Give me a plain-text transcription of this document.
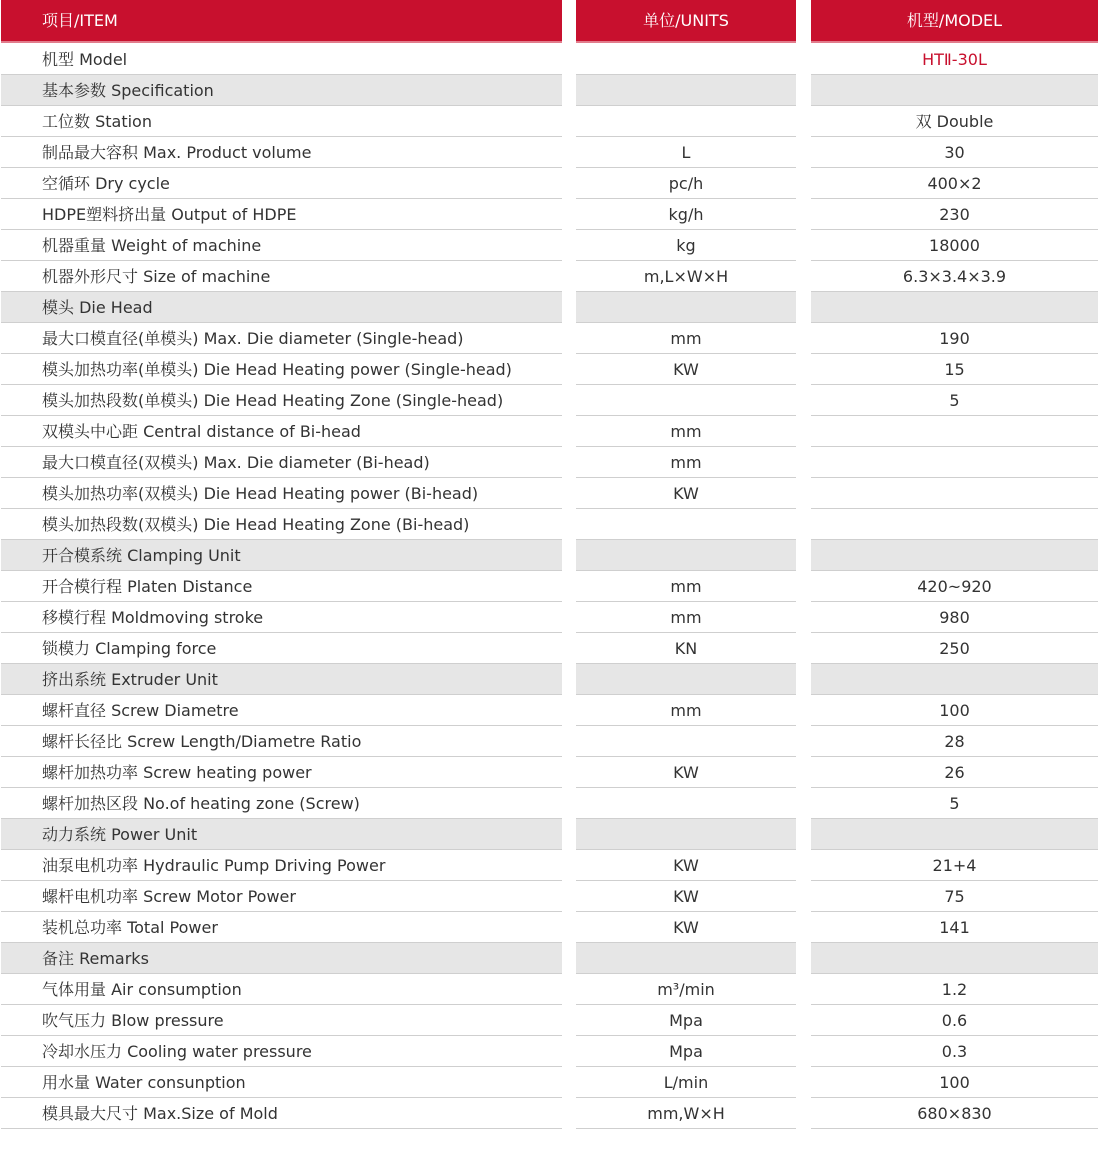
项目/ITEM
机型 Model
基本参数 Specification
工位数 Station
制品最大容积 Max. Product volume
空循环 Dry cycle
HDPE塑料挤出量 Output of HDPE
机器重量 Weight of machine
机器外形尺寸 Size of machine
模头 Die Head
最大口模直径(单模头) Max. Die diameter (Single-head)
模头加热功率(单模头) Die Head Heating power (Single-head)
模头加热段数(单模头) Die Head Heating Zone (Single-head)
双模头中心距 Central distance of Bi-head
最大口模直径(双模头) Max. Die diameter (Bi-head)
模头加热功率(双模头) Die Head Heating power (Bi-head)
模头加热段数(双模头) Die Head Heating Zone (Bi-head)
开合模系统 Clamping Unit
开合模行程 Platen Distance
移模行程 Moldmoving stroke
锁模力 Clamping force
挤出系统 Extruder Unit
螺杆直径 Screw Diametre
螺杆长径比 Screw Length/Diametre Ratio
螺杆加热功率 Screw heating power
螺杆加热区段 No.of heating zone (Screw)
动力系统 Power Unit
油泵电机功率 Hydraulic Pump Driving Power
螺杆电机功率 Screw Motor Power
装机总功率 Total Power
备注 Remarks
气体用量 Air consumption
吹气压力 Blow pressure
冷却水压力 Cooling water pressure
用水量 Water consunption
模具最大尺寸 Max.Size of Mold
单位/UNITS
L
pc/h
kg/h
kg
m,L×W×H
mm
KW
mm
mm
KW
mm
mm
KN
mm
KW
KW
KW
KW
m³/min
Mpa
Mpa
L/min
mm,W×H
机型/MODEL
HTⅡ-30L
双 Double
30
400×2
230
18000
6.3×3.4×3.9
190
15
5
420~920
980
250
100
28
26
5
21+4
75
141
1.2
0.6
0.3
100
680×830
